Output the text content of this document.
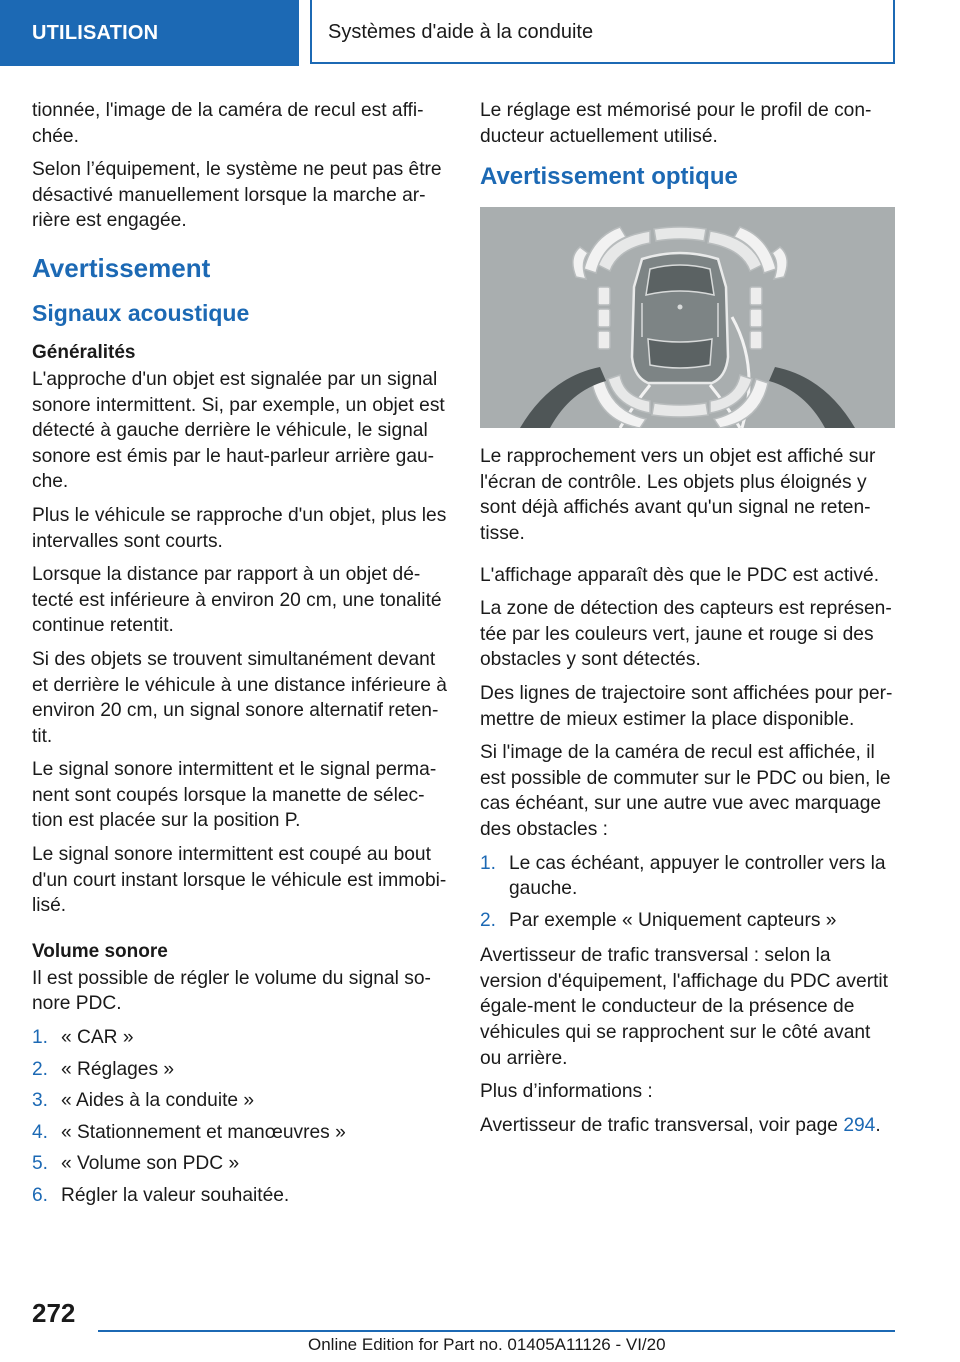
UTILISATION	Systèmes d'aide à la conduite

tionnée, l'image de la caméra de recul est affi‐chée.

Selon l’équipement, le système ne peut pas être désactivé manuellement lorsque la marche ar‐rière est engagée.

Avertissement
Signaux acoustique
Généralités

L'approche d'un objet est signalée par un signal sonore intermittent. Si, par exemple, un objet est détecté à gauche derrière le véhicule, le signal sonore est émis par le haut-parleur arrière gau‐che.

Plus le véhicule se rapproche d'un objet, plus les intervalles sont courts.

Lorsque la distance par rapport à un objet dé‐tecté est inférieure à environ 20 cm, une tonalité continue retentit.

Si des objets se trouvent simultanément devant et derrière le véhicule à une distance inférieure à environ 20 cm, un signal sonore alternatif reten‐tit.

Le signal sonore intermittent et le signal perma‐nent sont coupés lorsque la manette de sélec‐tion est placée sur la position P.

Le signal sonore intermittent est coupé au bout d'un court instant lorsque le véhicule est immobi‐lisé.

Volume sonore

Il est possible de régler le volume du signal so‐nore PDC.

1. « CAR »
2. « Réglages »
3. « Aides à la conduite »
4. « Stationnement et manœuvres »
5. « Volume son PDC »
6. Régler la valeur souhaitée.

Le réglage est mémorisé pour le profil de con‐ducteur actuellement utilisé.

Avertissement optique

Le rapprochement vers un objet est affiché sur l'écran de contrôle. Les objets plus éloignés y sont déjà affichés avant qu'un signal ne reten‐tisse.

L'affichage apparaît dès que le PDC est activé.

La zone de détection des capteurs est représen‐tée par les couleurs vert, jaune et rouge si des obstacles y sont détectés.

Des lignes de trajectoire sont affichées pour per‐mettre de mieux estimer la place disponible.

Si l'image de la caméra de recul est affichée, il est possible de commuter sur le PDC ou bien, le cas échéant, sur une autre vue avec marquage des obstacles :

1. Le cas échéant, appuyer le controller vers la gauche.
2. Par exemple « Uniquement capteurs »

Avertisseur de trafic transversal : selon la version d'équipement, l'affichage du PDC avertit égale‐ment le conducteur de la présence de véhicules qui se rapprochent sur le côté avant ou arrière.

Plus d’informations :

Avertisseur de trafic transversal, voir page 294.

272
Online Edition for Part no. 01405A11126 - VI/20
